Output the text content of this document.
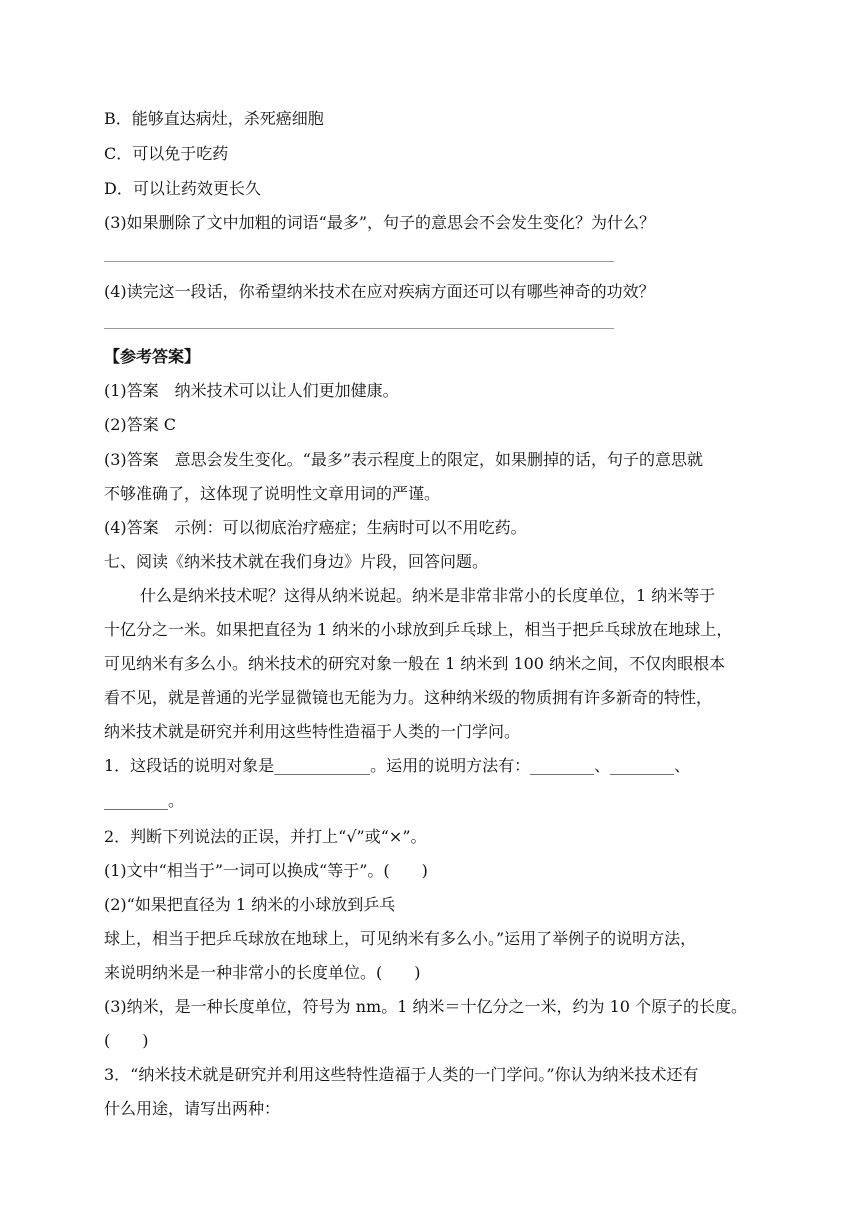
B．能够直达病灶，杀死癌细胞
C．可以免于吃药
D．可以让药效更长久
(3)如果删除了文中加粗的词语“最多”，句子的意思会不会发生变化？为什么？
(4)读完这一段话，你希望纳米技术在应对疾病方面还可以有哪些神奇的功效？
【参考答案】
(1)答案　纳米技术可以让人们更加健康。
(2)答案 C
(3)答案　意思会发生变化。“最多”表示程度上的限定，如果删掉的话，句子的意思就
不够准确了，这体现了说明性文章用词的严谨。
(4)答案　示例：可以彻底治疗癌症；生病时可以不用吃药。
七、阅读《纳米技术就在我们身边》片段，回答问题。
什么是纳米技术呢？这得从纳米说起。纳米是非常非常小的长度单位，1 纳米等于
十亿分之一米。如果把直径为 1 纳米的小球放到乒乓球上，相当于把乒乓球放在地球上，
可见纳米有多么小。纳米技术的研究对象一般在 1 纳米到 100 纳米之间，不仅肉眼根本
看不见，就是普通的光学显微镜也无能为力。这种纳米级的物质拥有许多新奇的特性，
纳米技术就是研究并利用这些特性造福于人类的一门学问。
1．这段话的说明对象是____________。运用的说明方法有：________、________、
________。
2．判断下列说法的正误，并打上“√”或“×”。
(1)文中“相当于”一词可以换成“等于”。(　　)
(2)“如果把直径为 1 纳米的小球放到乒乓
球上，相当于把乒乓球放在地球上，可见纳米有多么小。”运用了举例子的说明方法，
来说明纳米是一种非常小的长度单位。(　　)
(3)纳米，是一种长度单位，符号为 nm。1 纳米＝十亿分之一米，约为 10 个原子的长度。
(　　)
3．“纳米技术就是研究并利用这些特性造福于人类的一门学问。”你认为纳米技术还有
什么用途，请写出两种：
